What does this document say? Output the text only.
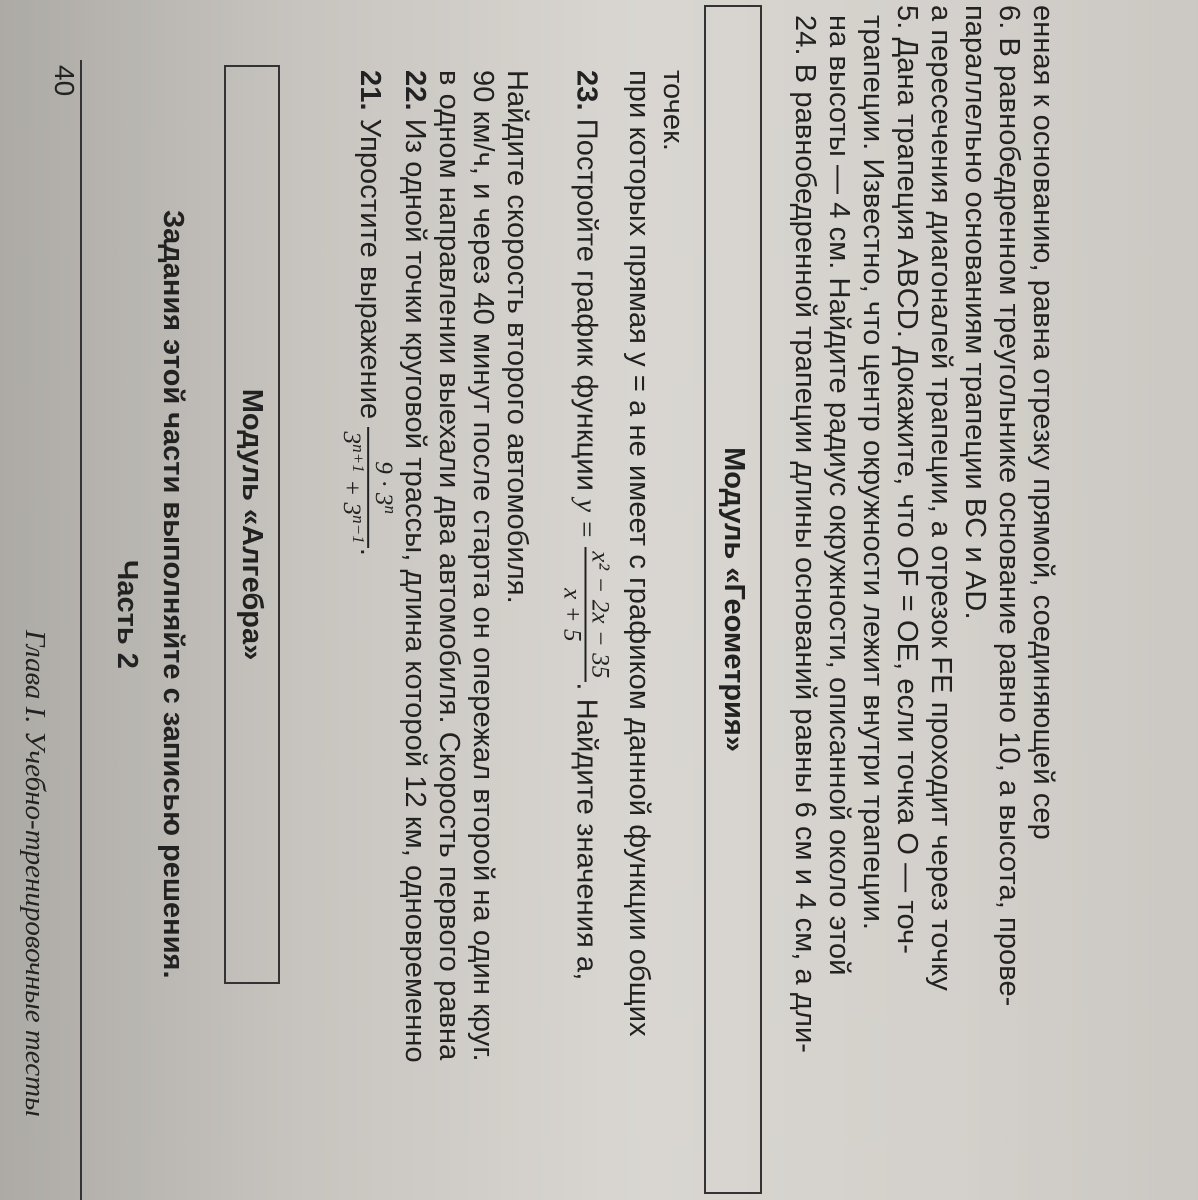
40
Глава I. Учебно-тренировочные тесты
Часть 2 Задания этой части выполняйте с записью решения.	Модуль «Алгебра»
21. Упростите выражение
$9 \cdot 3^n$
$3^{n+1} + 3^{n-1}$
.
22. Из одной точки круговой трассы, длина которой 12 км, одновременно в одном направлении выехали два автомобиля. Скорость первого равна 90 км/ч, и через 40 минут после старта он опережал второй на один круг. Найдите скорость второго автомобиля.	23. Постройте график функции y =
x² − 2x − 35
x + 5
. Найдите значения a, при которых прямая y = a не имеет с графиком данной функции общих точек.
Модуль «Геометрия»	24. В равнобедренной трапеции длины оснований равны 6 см и 4 см, а дли- на высоты — 4 см. Найдите радиус окружности, описанной около этой трапеции. Известно, что центр окружности лежит внутри трапеции. 5. Дана трапеция ABCD. Докажите, что OF = OE, если точка O — точ- а пересечения диагоналей трапеции, а отрезок FE проходит через точку параллельно основаниям трапеции BC и AD. 6. В равнобедренном треугольнике основание равно 10, а высота, прове- енная к основанию, равна отрезку прямой, соединяющей сер
